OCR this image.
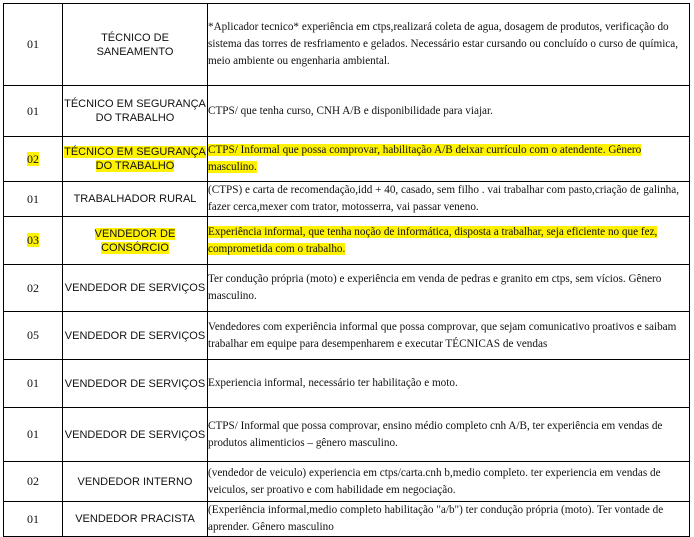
01	TÉCNICO DE SANEAMENTO	*Aplicador tecnico* experiência em ctps,realizará coleta de agua, dosagem de produtos, verificação do sistema das torres de resfriamento e gelados. Necessário estar cursando ou concluído o curso de química, meio ambiente ou engenharia ambiental.
01	TÉCNICO EM SEGURANÇA DO TRABALHO	CTPS/ que tenha curso, CNH A/B e disponibilidade para viajar.
02	TÉCNICO EM SEGURANÇA DO TRABALHO	CTPS/ Informal que possa comprovar, habilitação A/B deixar currículo com o atendente. Gênero masculino.
01	TRABALHADOR RURAL	(CTPS) e carta de recomendação,idd + 40, casado, sem filho . vai trabalhar com pasto,criação de galinha, fazer cerca,mexer com trator, motosserra, vai passar veneno.
03	VENDEDOR DE CONSÓRCIO	Experiência informal, que tenha noção de informática, disposta a trabalhar, seja eficiente no que fez, comprometida com o trabalho.
02	VENDEDOR DE SERVIÇOS	Ter condução própria (moto) e experiência em venda de pedras e granito em ctps, sem vícios. Gênero masculino.
05	VENDEDOR DE SERVIÇOS	Vendedores com experiência informal que possa comprovar, que sejam comunicativo proativos e saibam trabalhar em equipe para desempenharem e executar TÉCNICAS de vendas
01	VENDEDOR DE SERVIÇOS	Experiencia informal, necessário ter habilitação e moto.
01	VENDEDOR DE SERVIÇOS	CTPS/ Informal que possa comprovar, ensino médio completo cnh A/B, ter experiência em vendas de produtos alimenticios – gênero masculino.
02	VENDEDOR INTERNO	(vendedor de veiculo) experiencia em ctps/carta.cnh b,medio completo. ter experiencia em vendas de veiculos, ser proativo e com habilidade em negociação.
01	VENDEDOR PRACISTA	(Experiência informal,medio completo habilitação "a/b") ter condução própria (moto). Ter vontade de aprender. Gênero masculino
